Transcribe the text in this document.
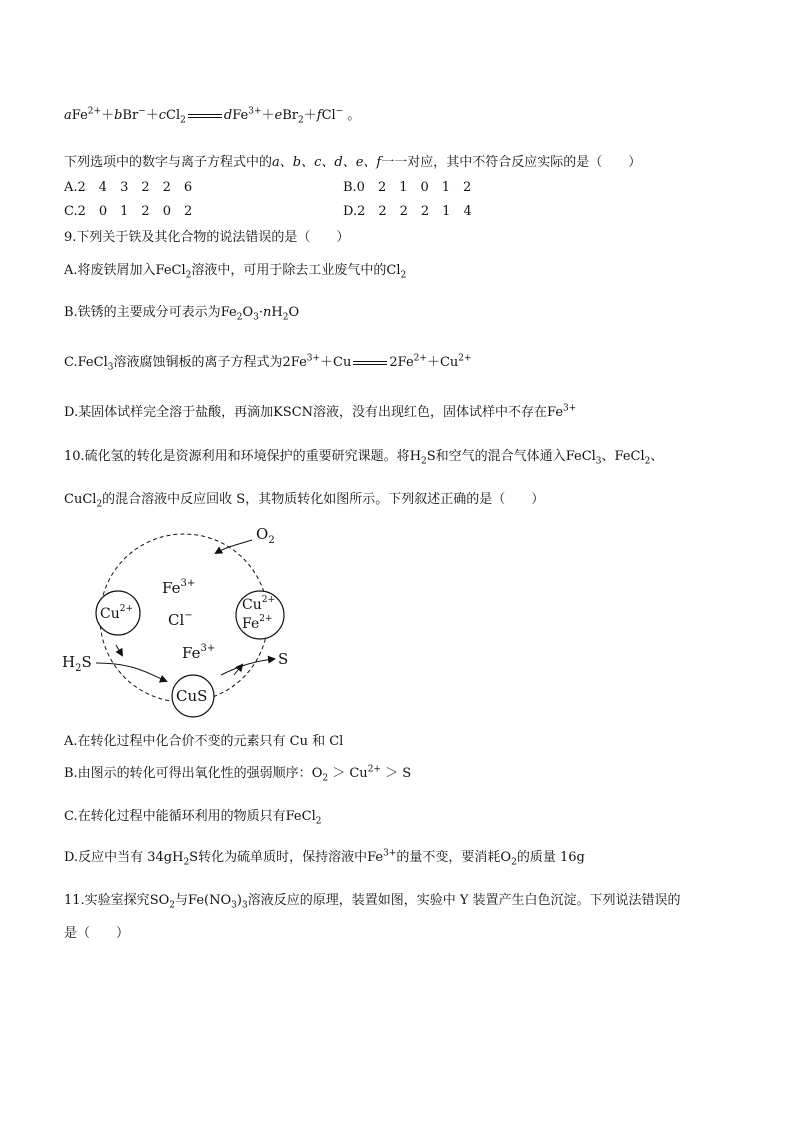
aFe$^{2+}$＋bBr−＋cCl$_2$	dFe$^{3+}$＋eBr$_2$＋fCl− 。
下列选项中的数字与离子方程式中的a、b、c、d、e、f一一对应，其中不符合反应实际的是（　　）
A.2　4　3　2　2　6	B.0　2　1　0　1　2
C.2　0　1　2　0　2	D.2　2　2　2　1　4
9.下列关于铁及其化合物的说法错误的是（　　）
A.将废铁屑加入FeCl$_2$溶液中，可用于除去工业废气中的$Cl_2$
B.铁锈的主要成分可表示为$Fe_2O_3\cdot nH_2O$
C.FeCl$_3$溶液腐蚀铜板的离子方程式为$2Fe^{3+}+Cu$	$2Fe^{2+}+Cu^{2+}$
D.某固体试样完全溶于盐酸，再滴加KSCN溶液，没有出现红色，固体试样中不存在$Fe^{3+}$
10.硫化氢的转化是资源利用和环境保护的重要研究课题。将$H_2S$和空气的混合气体通入FeCl$_3$、FeCl$_2$、
CuCl$_2$的混合溶液中反应回收 S，其物质转化如图所示。下列叙述正确的是（　　）
$O_2$
$Fe^{3+}$
Cl−
$Cu^{2+}$	$Cu^{2+}$
$Fe^{2+}$
$H_2S$	$Fe^{3+}$
S
CuS
A.在转化过程中化合价不变的元素只有 Cu 和 Cl
B.由图示的转化可得出氧化性的强弱顺序：$O_2 > Cu^{2+} > S$
C.在转化过程中能循环利用的物质只有FeCl$_2$
D.反应中当有 $34gH_2S$转化为硫单质时，保持溶液中$Fe^{3+}$的量不变，要消耗$O_2$的质量 16g
11.实验室探究$SO_2$与$Fe(NO_3)_3$溶液反应的原理，装置如图，实验中 Y 装置产生白色沉淀。下列说法错误的
是（　　）
